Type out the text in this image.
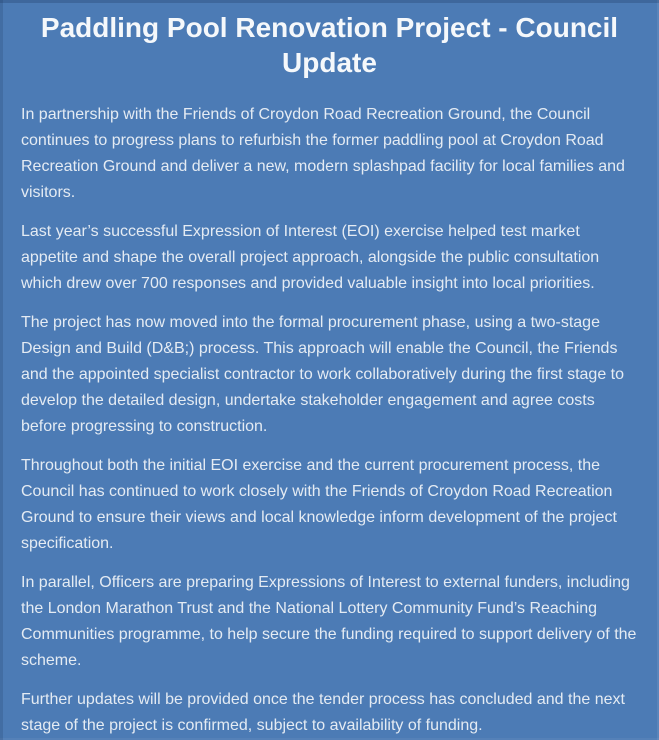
Paddling Pool Renovation Project - Council Update

In partnership with the Friends of Croydon Road Recreation Ground, the Council continues to progress plans to refurbish the former paddling pool at Croydon Road Recreation Ground and deliver a new, modern splashpad facility for local families and visitors.

Last year’s successful Expression of Interest (EOI) exercise helped test market appetite and shape the overall project approach, alongside the public consultation which drew over 700 responses and provided valuable insight into local priorities.

The project has now moved into the formal procurement phase, using a two-stage Design and Build (D&B;) process. This approach will enable the Council, the Friends and the appointed specialist contractor to work collaboratively during the first stage to develop the detailed design, undertake stakeholder engagement and agree costs before progressing to construction.

Throughout both the initial EOI exercise and the current procurement process, the Council has continued to work closely with the Friends of Croydon Road Recreation Ground to ensure their views and local knowledge inform development of the project specification.

In parallel, Officers are preparing Expressions of Interest to external funders, including the London Marathon Trust and the National Lottery Community Fund’s Reaching Communities programme, to help secure the funding required to support delivery of the scheme.

Further updates will be provided once the tender process has concluded and the next stage of the project is confirmed, subject to availability of funding.
